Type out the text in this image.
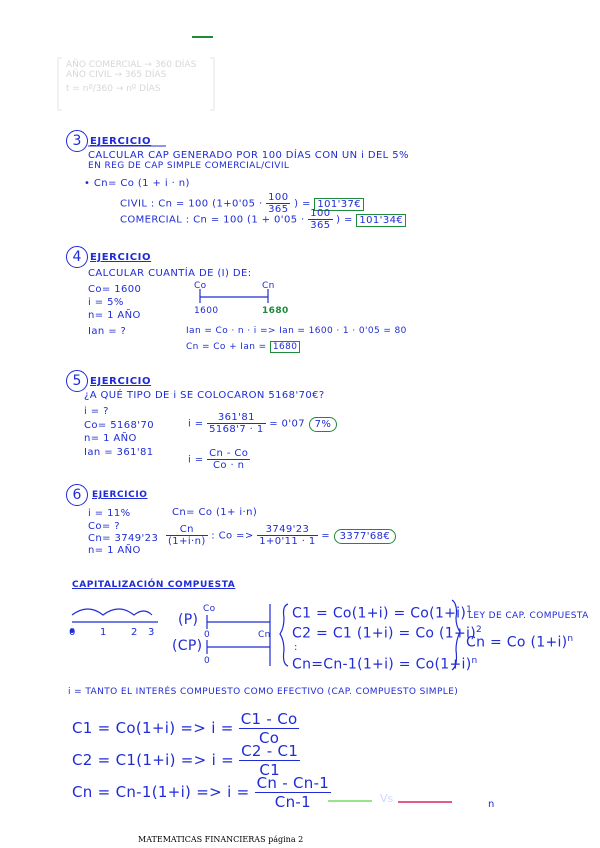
AÑO COMERCIAL → 360 DÍAS
AÑO CIVIL → 365 DÍAS
t = nº/360 → nº DÍAS
3 EJERCICIO
CALCULAR CAP GENERADO POR 100 DÍAS CON UN i DEL 5%
EN REG DE CAP SIMPLE COMERCIAL/CIVIL
• Cn= Co (1 + i · n)
CIVIL : Cn = 100 ($1+0'05 \cdot \frac{100}{365}$ ) = 101'37€
COMERCIAL : Cn = 100 ($1 + 0'05 \cdot \frac{100}{365}$ ) = 101'34€
4 EJERCICIO
CALCULAR CUANTÍA DE (I) DE:
Co= 1600
i = 5%
n= 1 AÑO
Ian = ?
Co	Cn
1600	1680
Ian = Co · n · i => Ian = 1600 · 1 · 0'05 = 80
Cn = Co + Ian = 1680
5 EJERCICIO
¿A QUÉ TIPO DE i SE COLOCARON 5168'70€?
i = ?
Co= 5168'70
n= 1 AÑO
Ian = 361'81
$i = \frac{361'81}{5168'7 \cdot 1} = 0'07$ 7%
$i = \frac{Cn - Co}{Co \cdot n}$
6	EJERCICIO
i = 11%
Co= ?
Cn= 3749'23
n= 1 AÑO
Cn= Co (1+ i·n)
$\frac{Cn}{(1+i\cdot n)}$ : $Co => \frac{3749'23}{1+0'11 \cdot 1}$ = 3377'68€
CAPITALIZACIÓN COMPUESTA
0 1 2 3
(P)
Co
(CP)
0
0
Cn
$C1 = Co(1+i) = Co(1+i)^1$
C2 = C1 (1+i) = Co $(1+i)^2$
:
$Cn=Cn-1(1+i) = Co(1+i)^n$
LEY DE CAP. COMPUESTA
Cn = Co $(1+i)^n$
i = TANTO EL INTERÉS COMPUESTO COMO EFECTIVO (CAP. COMPUESTO SIMPLE)
$C1 = Co(1+i) => i = \frac{C1 - Co}{Co}$
$C2 = C1(1+i) => i = \frac{C2 - C1}{C1}$
$Cn = Cn-1(1+i) => i = \frac{Cn - Cn-1}{Cn-1}$	Vs	n
MATEMATICAS FINANCIERAS página 2
